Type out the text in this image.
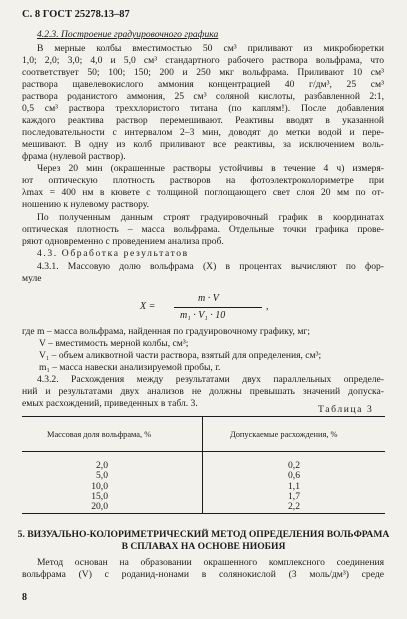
С. 8 ГОСТ 25278.13–87
4.2.3. Построение градуировочного графика
В мерные колбы вместимостью 50 см³ приливают из микробюретки
1,0; 2,0; 3,0; 4,0 и 5,0 см³ стандартного рабочего раствора вольфрама, что
соответствует 50; 100; 150; 200 и 250 мкг вольфрама. Приливают 10 см³
раствора щавелевокислого аммония концентрацией 40 г/дм³, 25 см³
раствора роданистого аммония, 25 см³ соляной кислоты, разбавленной 2:1,
0,5 см³ раствора треххлористого титана (по каплям!). После добавления
каждого реактива раствор перемешивают. Реактивы вводят в указанной
последовательности с интервалом 2–3 мин, доводят до метки водой и пере-
мешивают. В одну из колб приливают все реактивы, за исключением воль-
фрама (нулевой раствор).
Через 20 мин (окрашенные растворы устойчивы в течение 4 ч) измеря-
ют оптическую плотность растворов на фотоэлектроколориметре при
λmax = 400 нм в кювете с толщиной поглощающего свет слоя 20 мм по от-
ношению к нулевому раствору.
По полученным данным строят градуировочный график в координатах
оптическая плотность – масса вольфрама. Отдельные точки графика прове-
ряют одновременно с проведением анализа проб.
4.3. Обработка результатов
4.3.1. Массовую долю вольфрама (X) в процентах вычисляют по фор-
муле
X =
m · V
m₁ · V₁ · 10
,
где m – масса вольфрама, найденная по градуировочному графику, мг;
V – вместимость мерной колбы, см³;
V₁ – объем аликвотной части раствора, взятый для определения, см³;
m₁ – масса навески анализируемой пробы, г.
4.3.2. Расхождения между результатами двух параллельных определе-
ний и результатами двух анализов не должны превышать значений допуска-
емых расхождений, приведенных в табл. 3.
Таблица 3
Массовая доля вольфрама, %	Допускаемые расхождения, %
2,0
5,0
10,0
15,0
20,0
0,2
0,6
1,1
1,7
2,2
5. ВИЗУАЛЬНО-КОЛОРИМЕТРИЧЕСКИЙ МЕТОД ОПРЕДЕЛЕНИЯ ВОЛЬФРАМА
В СПЛАВАХ НА ОСНОВЕ НИОБИЯ
Метод основан на образовании окрашенного комплексного соединения
вольфрама (V) с роданид-нонами в солянокислой (3 моль/дм³) среде
8
